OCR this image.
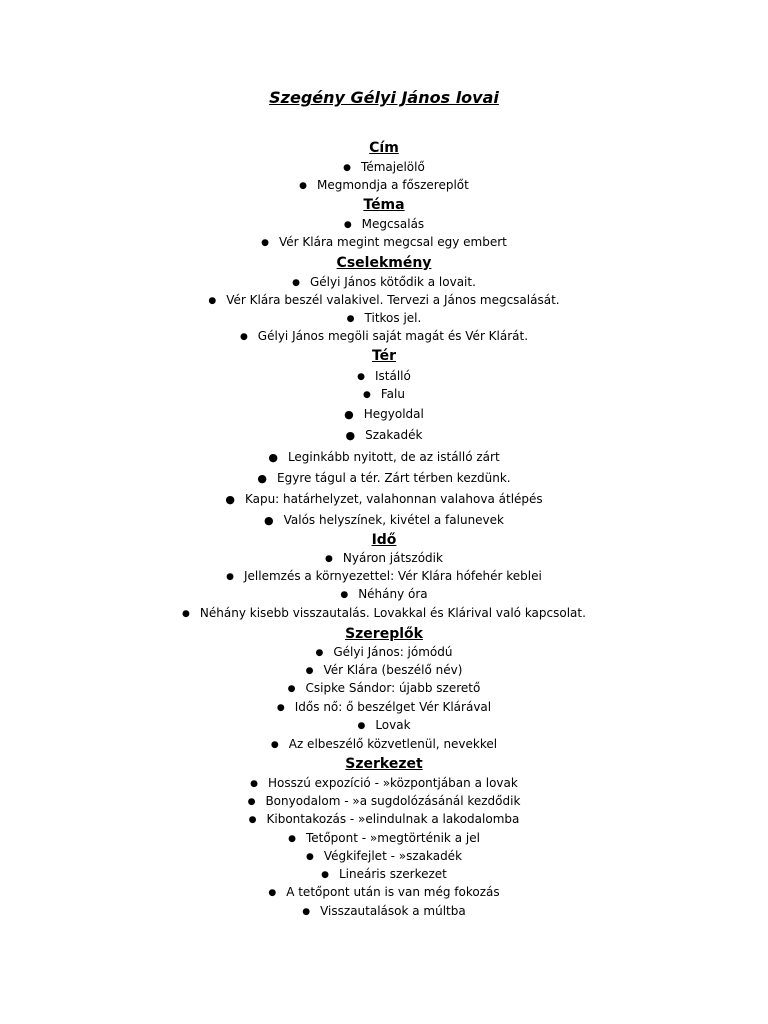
Szegény Gélyi János lovai
Cím
● Témajelölő
● Megmondja a főszereplőt
Téma
● Megcsalás
● Vér Klára megint megcsal egy embert
Cselekmény
● Gélyi János kötődik a lovait.
● Vér Klára beszél valakivel. Tervezi a János megcsalását.
● Titkos jel.
● Gélyi János megöli saját magát és Vér Klárát.
Tér
● Istálló
● Falu
● Hegyoldal
● Szakadék
● Leginkább nyitott, de az istálló zárt
● Egyre tágul a tér. Zárt térben kezdünk.
● Kapu: határhelyzet, valahonnan valahova átlépés
● Valós helyszínek, kivétel a falunevek
Idő
● Nyáron játszódik
● Jellemzés a környezettel: Vér Klára hófehér keblei
● Néhány óra
● Néhány kisebb visszautalás. Lovakkal és Klárival való kapcsolat.
Szereplők
● Gélyi János: jómódú
● Vér Klára (beszélő név)
● Csipke Sándor: újabb szerető
● Idős nő: ő beszélget Vér Klárával
● Lovak
● Az elbeszélő közvetlenül, nevekkel
Szerkezet
● Hosszú expozíció - »központjában a lovak
● Bonyodalom - »a sugdolózásánál kezdődik
● Kibontakozás - »elindulnak a lakodalomba
● Tetőpont - »megtörténik a jel
● Végkifejlet - »szakadék
● Lineáris szerkezet
● A tetőpont után is van még fokozás
● Visszautalások a múltba
